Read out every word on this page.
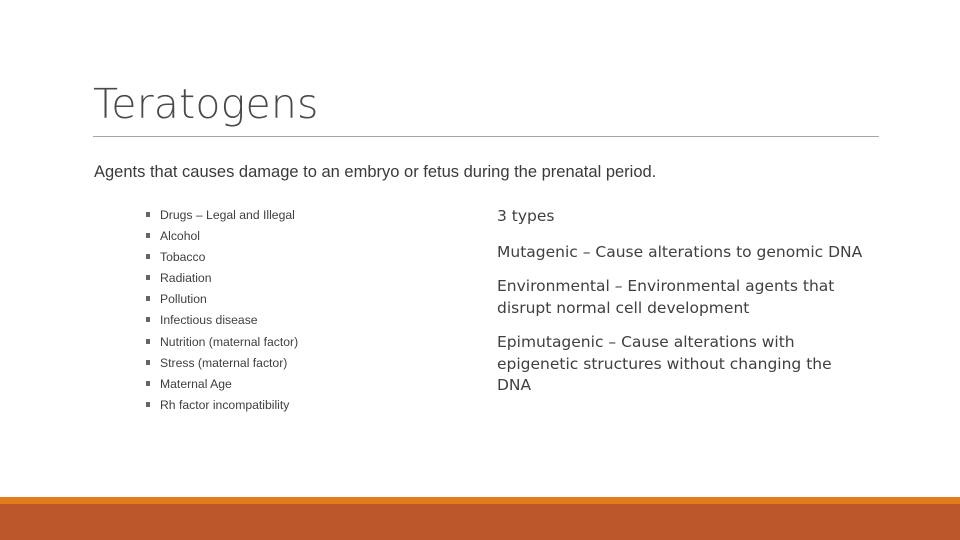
Teratogens
Agents that causes damage to an embryo or fetus during the prenatal period.
Drugs – Legal and Illegal
Alcohol
Tobacco
Radiation
Pollution
Infectious disease
Nutrition (maternal factor)
Stress (maternal factor)
Maternal Age
Rh factor incompatibility

3 types

Mutagenic – Cause alterations to genomic DNA

Environmental – Environmental agents that disrupt normal cell development

Epimutagenic – Cause alterations with epigenetic structures without changing the DNA
